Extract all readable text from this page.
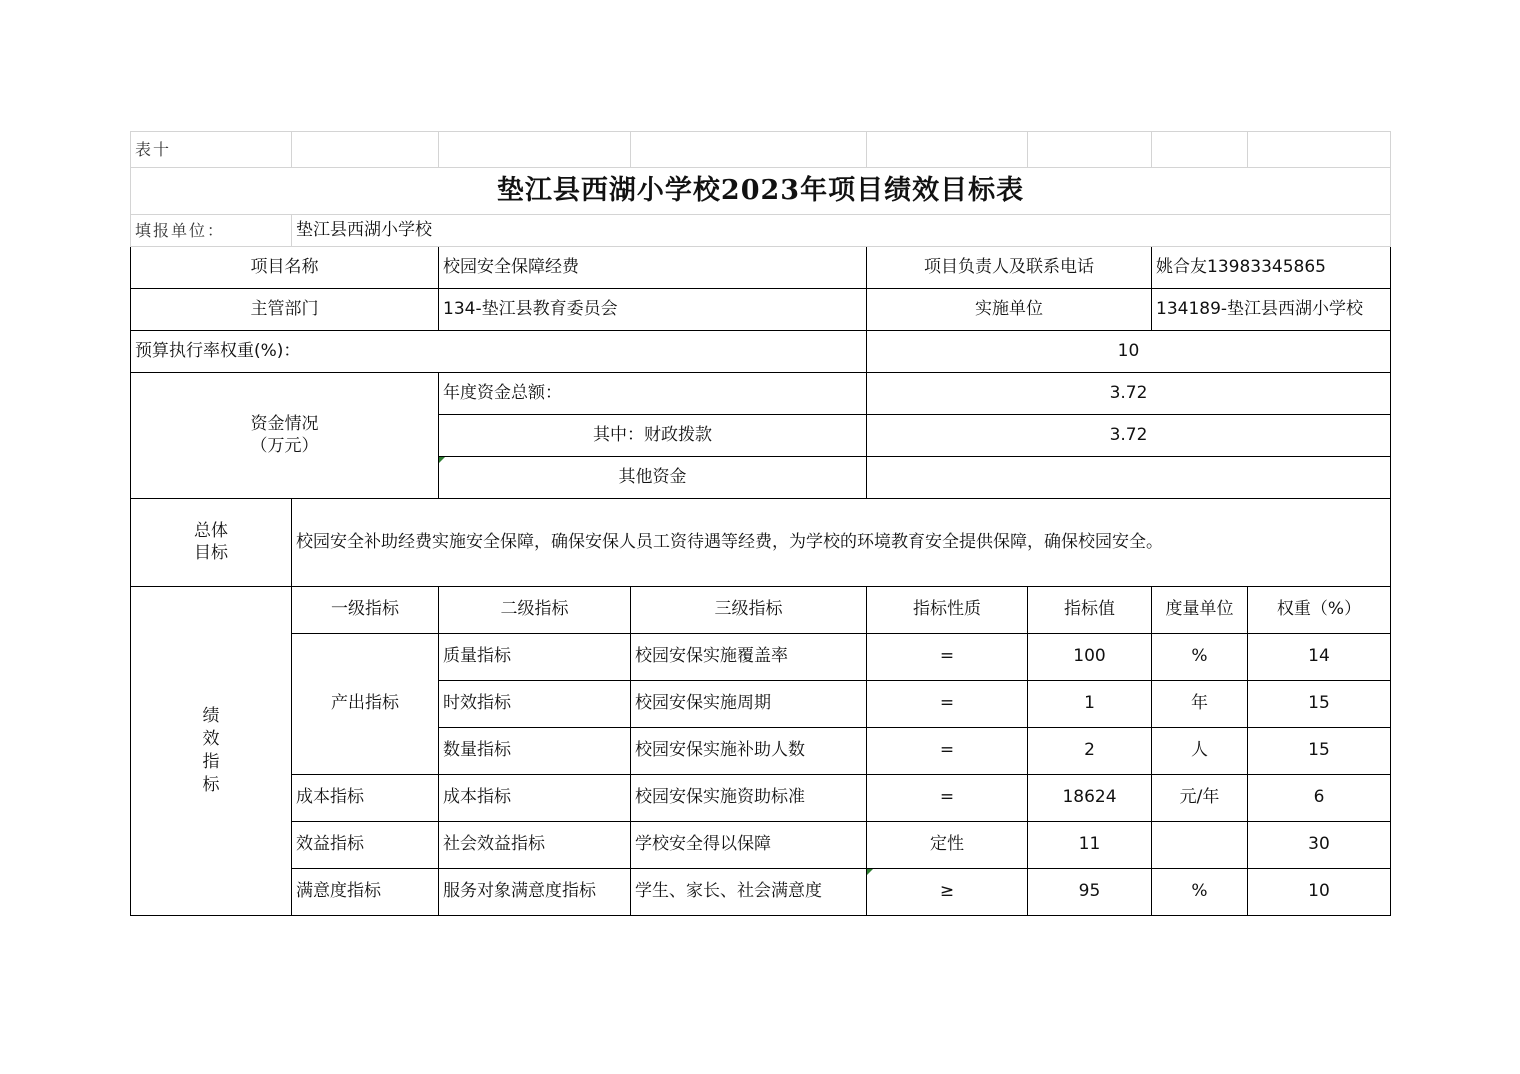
表十							
垫江县西湖小学校2023年项目绩效目标表							
填报单位：	垫江县西湖小学校						
项目名称		校园安全保障经费		项目负责人及联系电话		姚合友13983345865	
主管部门		134-垫江县教育委员会		实施单位		134189-垫江县西湖小学校	
预算执行率权重(%)：				10			

资金情况
（万元）		年度资金总额：		3.72			
		其中：财政拨款		3.72			
		其他资金					

总体
目标	校园安全补助经费实施安全保障，确保安保人员工资待遇等经费，为学校的环境教育安全提供保障，确保校园安全。						

绩效指标	一级指标	二级指标	三级指标	指标性质	指标值	度量单位	权重（%）
	产出指标	质量指标	校园安保实施覆盖率	=	100	%	14
		时效指标	校园安保实施周期	=	1	年	15
		数量指标	校园安保实施补助人数	=	2	人	15
	成本指标	成本指标	校园安保实施资助标准	=	18624	元/年	6
	效益指标	社会效益指标	学校安全得以保障	定性	11		30
	满意度指标	服务对象满意度指标	学生、家长、社会满意度	≥	95	%	10
